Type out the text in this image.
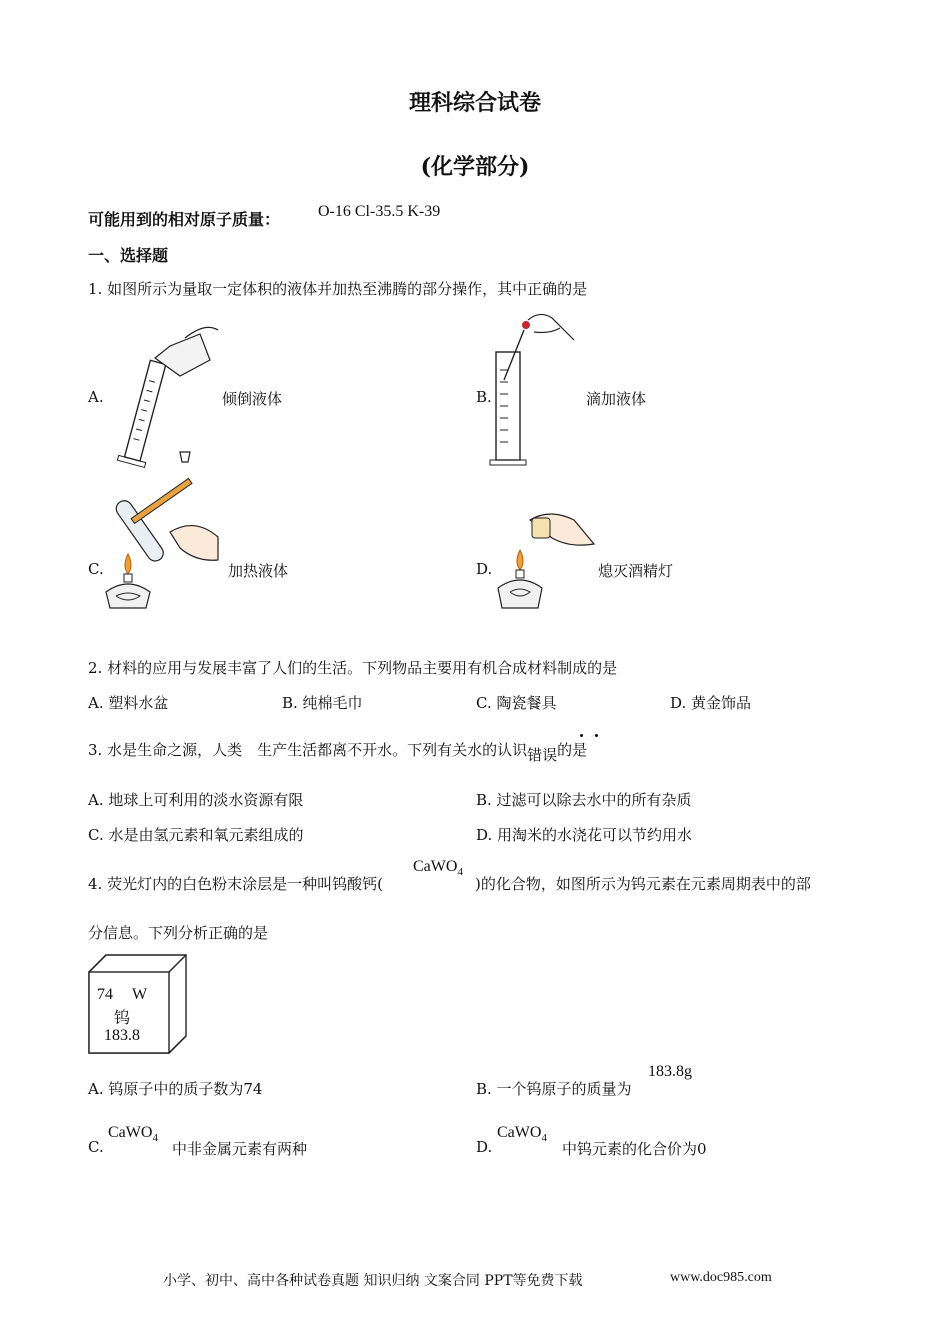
理科综合试卷
(化学部分)
可能用到的相对原子质量： O-16 Cl-35.5 K-39
一、选择题
1. 如图所示为量取一定体积的液体并加热至沸腾的部分操作，其中正确的是
A.	倾倒液体	B.	滴加液体
C.	加热液体	D.	熄灭酒精灯
2. 材料的应用与发展丰富了人们的生活。下列物品主要用有机合成材料制成的是
A. 塑料水盆	B. 纯棉毛巾	C. 陶瓷餐具	D. 黄金饰品
3. 水是生命之源，人类　生产生活都离不开水。下列有关水的认识错误的是
A. 地球上可利用的淡水资源有限	B. 过滤可以除去水中的所有杂质
C. 水是由氢元素和氧元素组成的	D. 用淘米的水浇花可以节约用水
4. 荧光灯内的白色粉末涂层是一种叫钨酸钙(
CaWO$_4$
)的化合物，如图所示为钨元素在元素周期表中的部
分信息。下列分析正确的是
74 W
钨
183.8
A. 钨原子中的质子数为74	B. 一个钨原子的质量为
183.8g
C.
CaWO$_4$
中非金属元素有两种	D.
CaWO$_4$
中钨元素的化合价为0
小学、初中、高中各种试卷真题 知识归纳 文案合同 PPT等免费下载	www.doc985.com
